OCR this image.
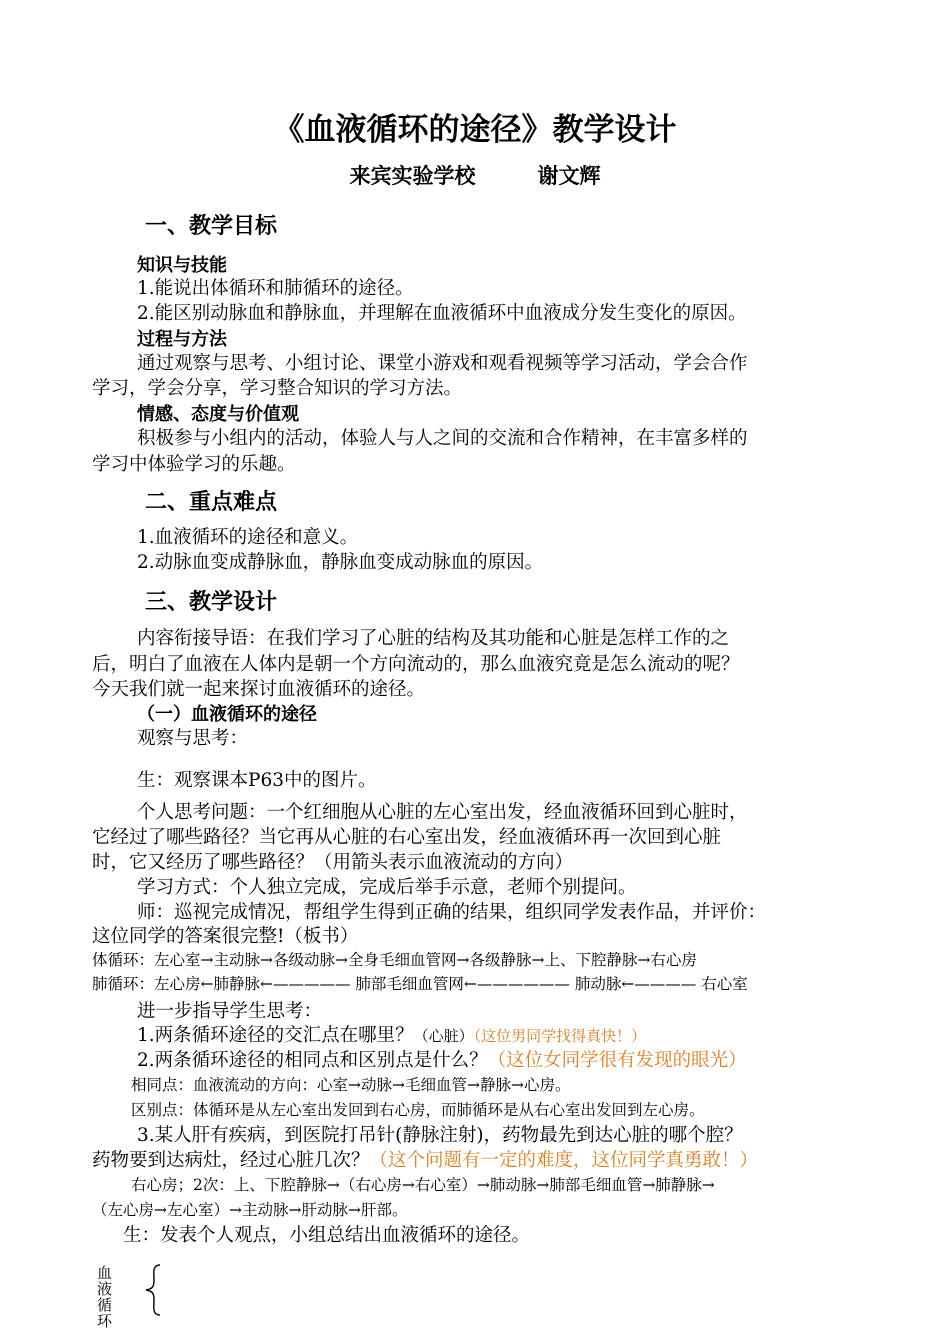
《血液循环的途径》教学设计
来宾实验学校	谢文辉
一、教学目标
知识与技能
1.能说出体循环和肺循环的途径。
2.能区别动脉血和静脉血，并理解在血液循环中血液成分发生变化的原因。
过程与方法
通过观察与思考、小组讨论、课堂小游戏和观看视频等学习活动，学会合作
学习，学会分享，学习整合知识的学习方法。
情感、态度与价值观
积极参与小组内的活动，体验人与人之间的交流和合作精神，在丰富多样的
学习中体验学习的乐趣。
二、重点难点
1.血液循环的途径和意义。
2.动脉血变成静脉血，静脉血变成动脉血的原因。
三、教学设计
内容衔接导语：在我们学习了心脏的结构及其功能和心脏是怎样工作的之
后，明白了血液在人体内是朝一个方向流动的，那么血液究竟是怎么流动的呢？
今天我们就一起来探讨血液循环的途径。
（一）血液循环的途径
观察与思考：
生：观察课本P63中的图片。
个人思考问题：一个红细胞从心脏的左心室出发，经血液循环回到心脏时，
它经过了哪些路径？当它再从心脏的右心室出发，经血液循环再一次回到心脏
时，它又经历了哪些路径？（用箭头表示血液流动的方向）
学习方式：个人独立完成，完成后举手示意，老师个别提问。
师：巡视完成情况，帮组学生得到正确的结果，组织同学发表作品，并评价：
这位同学的答案很完整!（板书）
体循环：左心室→主动脉→各级动脉→全身毛细血管网→各级静脉→上、下腔静脉→右心房
肺循环：左心房←肺静脉←————— 肺部毛细血管网←—————— 肺动脉←———— 右心室
进一步指导学生思考：
1.两条循环途径的交汇点在哪里？（心脏）（这位男同学找得真快！）
2.两条循环途径的相同点和区别点是什么？（这位女同学很有发现的眼光）
相同点：血液流动的方向：心室→动脉→毛细血管→静脉→心房。
区别点：体循环是从左心室出发回到右心房，而肺循环是从右心室出发回到左心房。
3.某人肝有疾病，到医院打吊针(静脉注射)，药物最先到达心脏的哪个腔？
药物要到达病灶，经过心脏几次？（这个问题有一定的难度，这位同学真勇敢！）
右心房；2次：上、下腔静脉→（右心房→右心室）→肺动脉→肺部毛细血管→肺静脉→
（左心房→左心室）→主动脉→肝动脉→肝部。
生：发表个人观点，小组总结出血液循环的途径。
血
液
循
环
